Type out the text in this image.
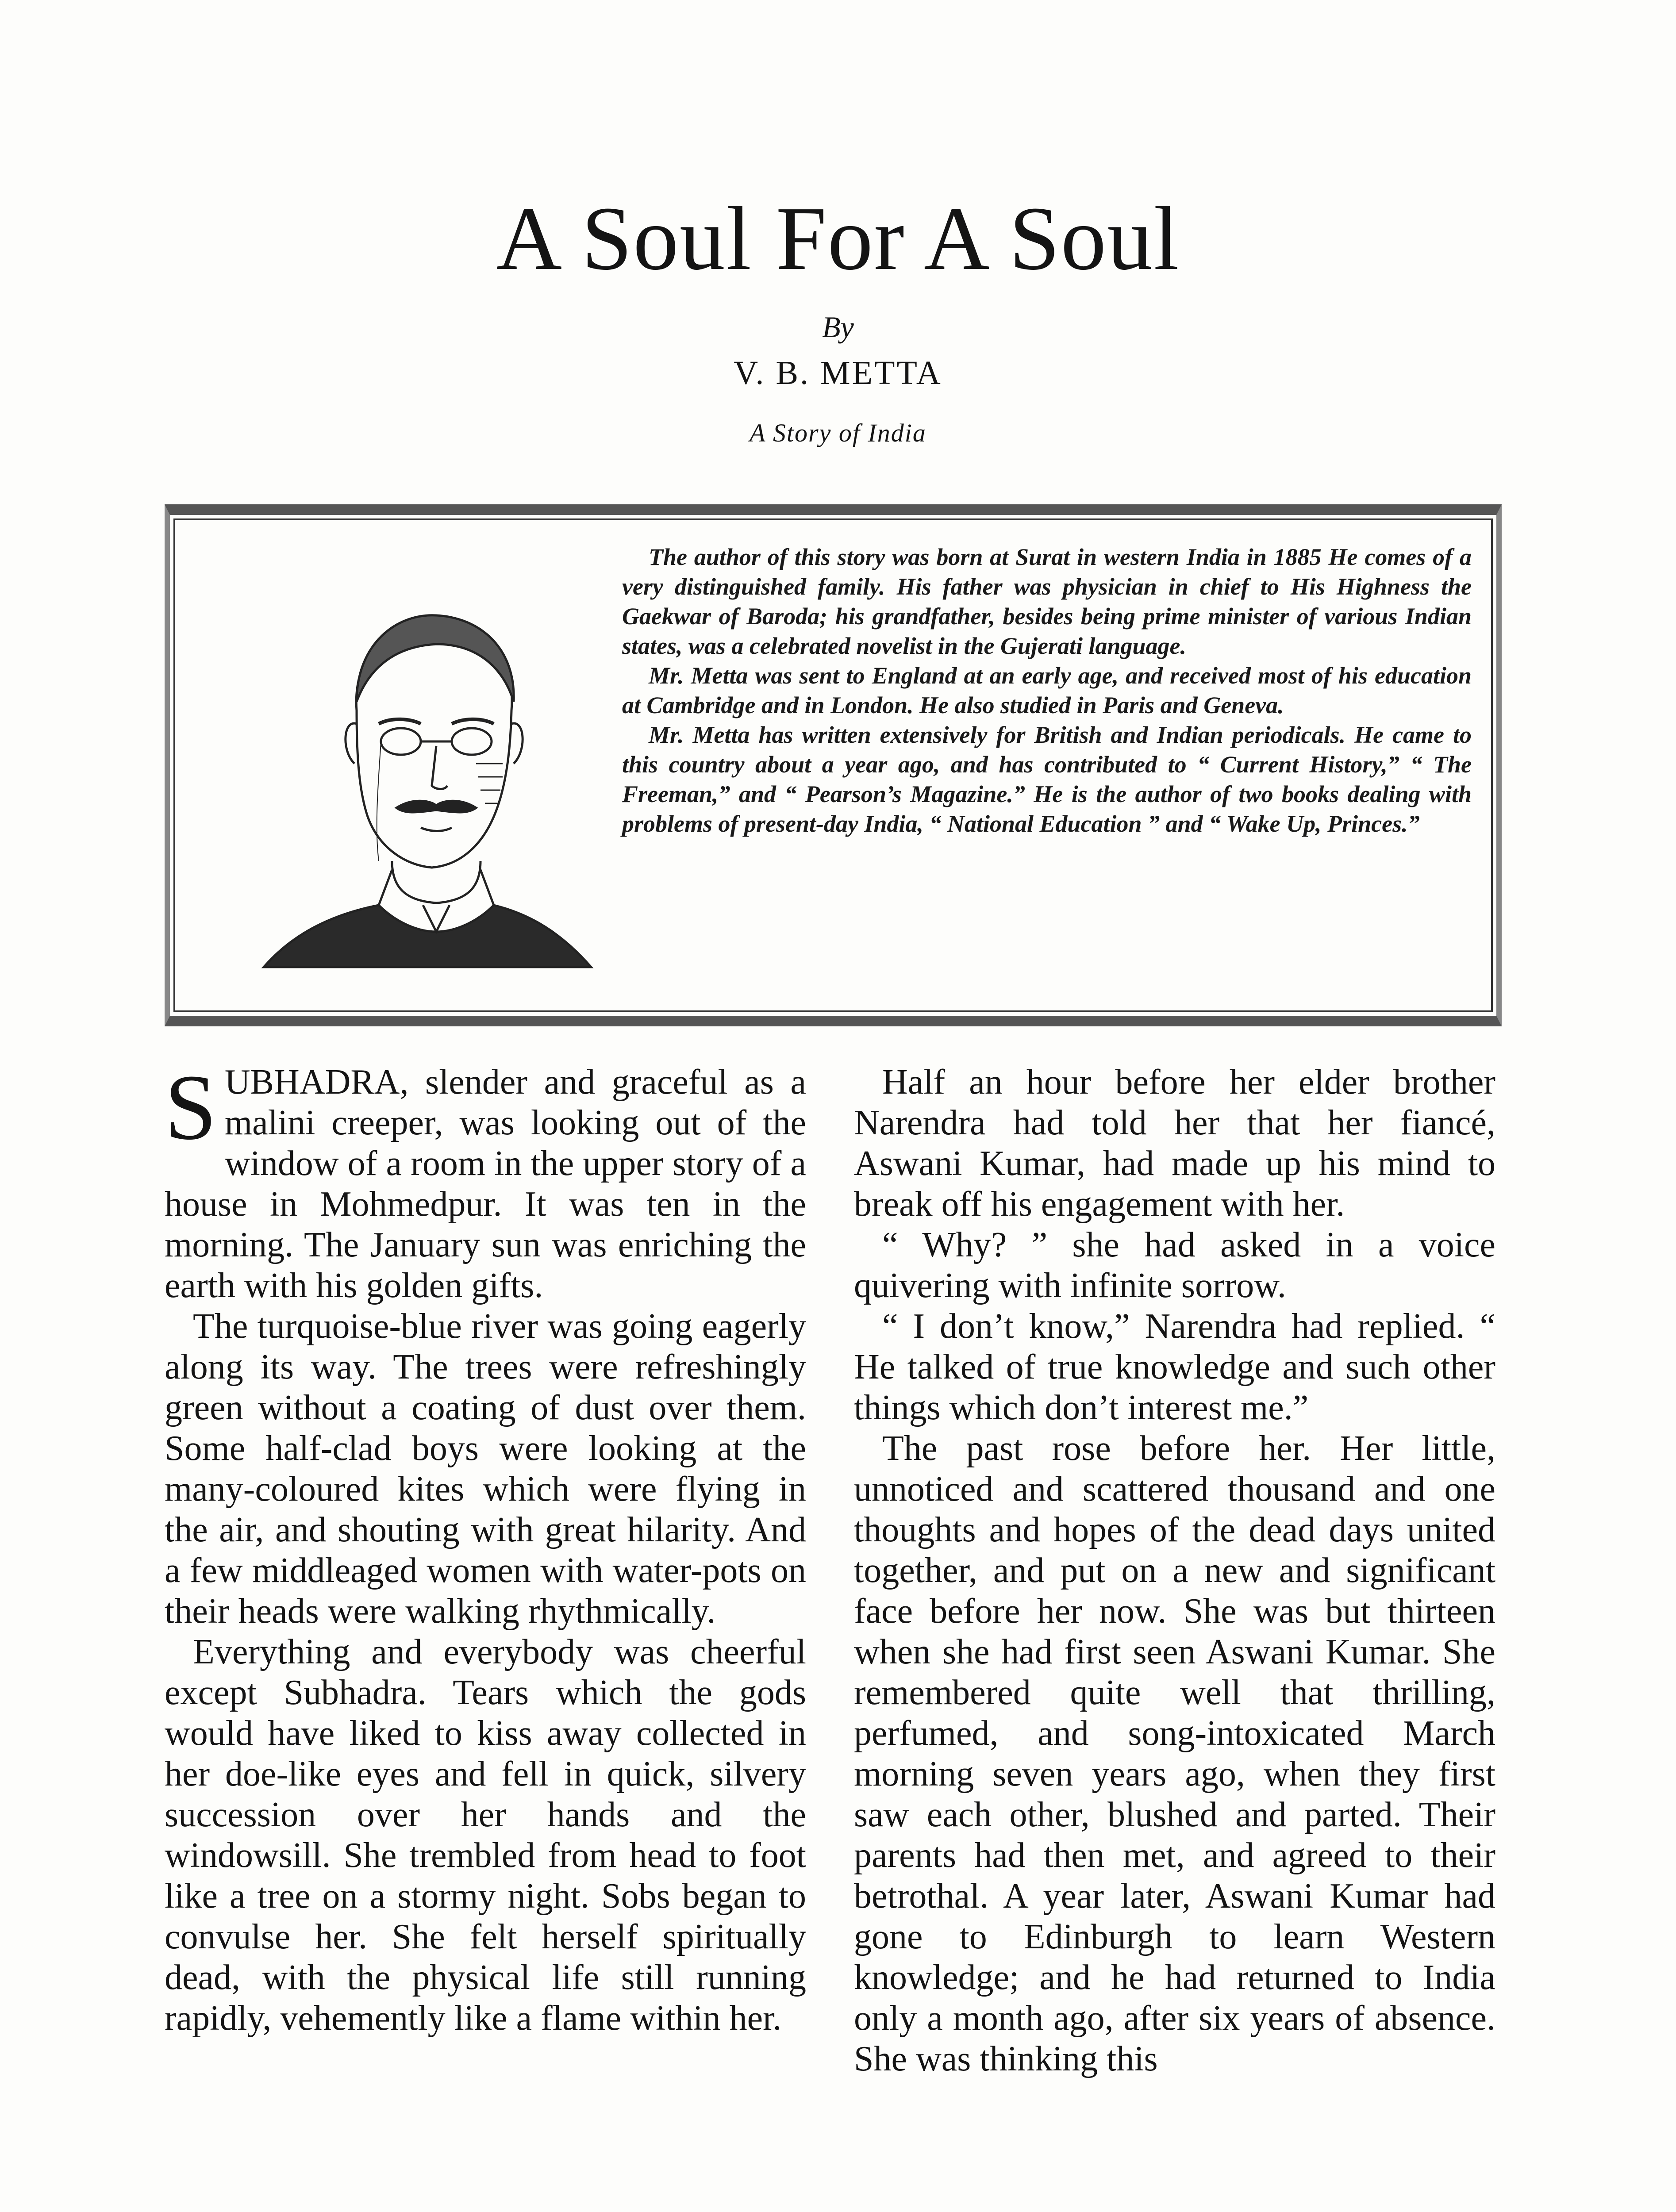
A Soul For A Soul
By
V. B. METTA
A Story of India

The author of this story was born at Surat in western India in 1885 He comes of a very distinguished family. His father was physician in chief to His Highness the Gaekwar of Baroda; his grandfather, besides being prime minister of various Indian states, was a celebrated novelist in the Gujerati language.

Mr. Metta was sent to England at an early age, and received most of his education at Cambridge and in London. He also studied in Paris and Geneva.

Mr. Metta has written extensively for British and Indian periodicals. He came to this country about a year ago, and has contributed to “ Current History,” “ The Freeman,” and “ Pearson’s Magazine.” He is the author of two books dealing with problems of present-day India, “ National Education ” and “ Wake Up, Princes.”

SUBHADRA, slender and graceful as a malini creeper, was looking out of the window of a room in the upper story of a house in Mohmedpur. It was ten in the morning. The January sun was enriching the earth with his golden gifts.

The turquoise-blue river was going eagerly along its way. The trees were refreshingly green without a coating of dust over them. Some half-clad boys were looking at the many-coloured kites which were flying in the air, and shouting with great hilarity. And a few middleaged women with water-pots on their heads were walking rhythmically.

Everything and everybody was cheerful except Subhadra. Tears which the gods would have liked to kiss away collected in her doe-like eyes and fell in quick, silvery succession over her hands and the windowsill. She trembled from head to foot like a tree on a stormy night. Sobs began to convulse her. She felt herself spiritually dead, with the physical life still running rapidly, vehemently like a flame within her.

Half an hour before her elder brother Narendra had told her that her fiancé, Aswani Kumar, had made up his mind to break off his engagement with her.

“ Why? ” she had asked in a voice quivering with infinite sorrow.

“ I don’t know,” Narendra had replied. “ He talked of true knowledge and such other things which don’t interest me.”

The past rose before her. Her little, unnoticed and scattered thousand and one thoughts and hopes of the dead days united together, and put on a new and significant face before her now. She was but thirteen when she had first seen Aswani Kumar. She remembered quite well that thrilling, perfumed, and song-intoxicated March morning seven years ago, when they first saw each other, blushed and parted. Their parents had then met, and agreed to their betrothal. A year later, Aswani Kumar had gone to Edinburgh to learn Western knowledge; and he had returned to India only a month ago, after six years of absence. She was thinking this
